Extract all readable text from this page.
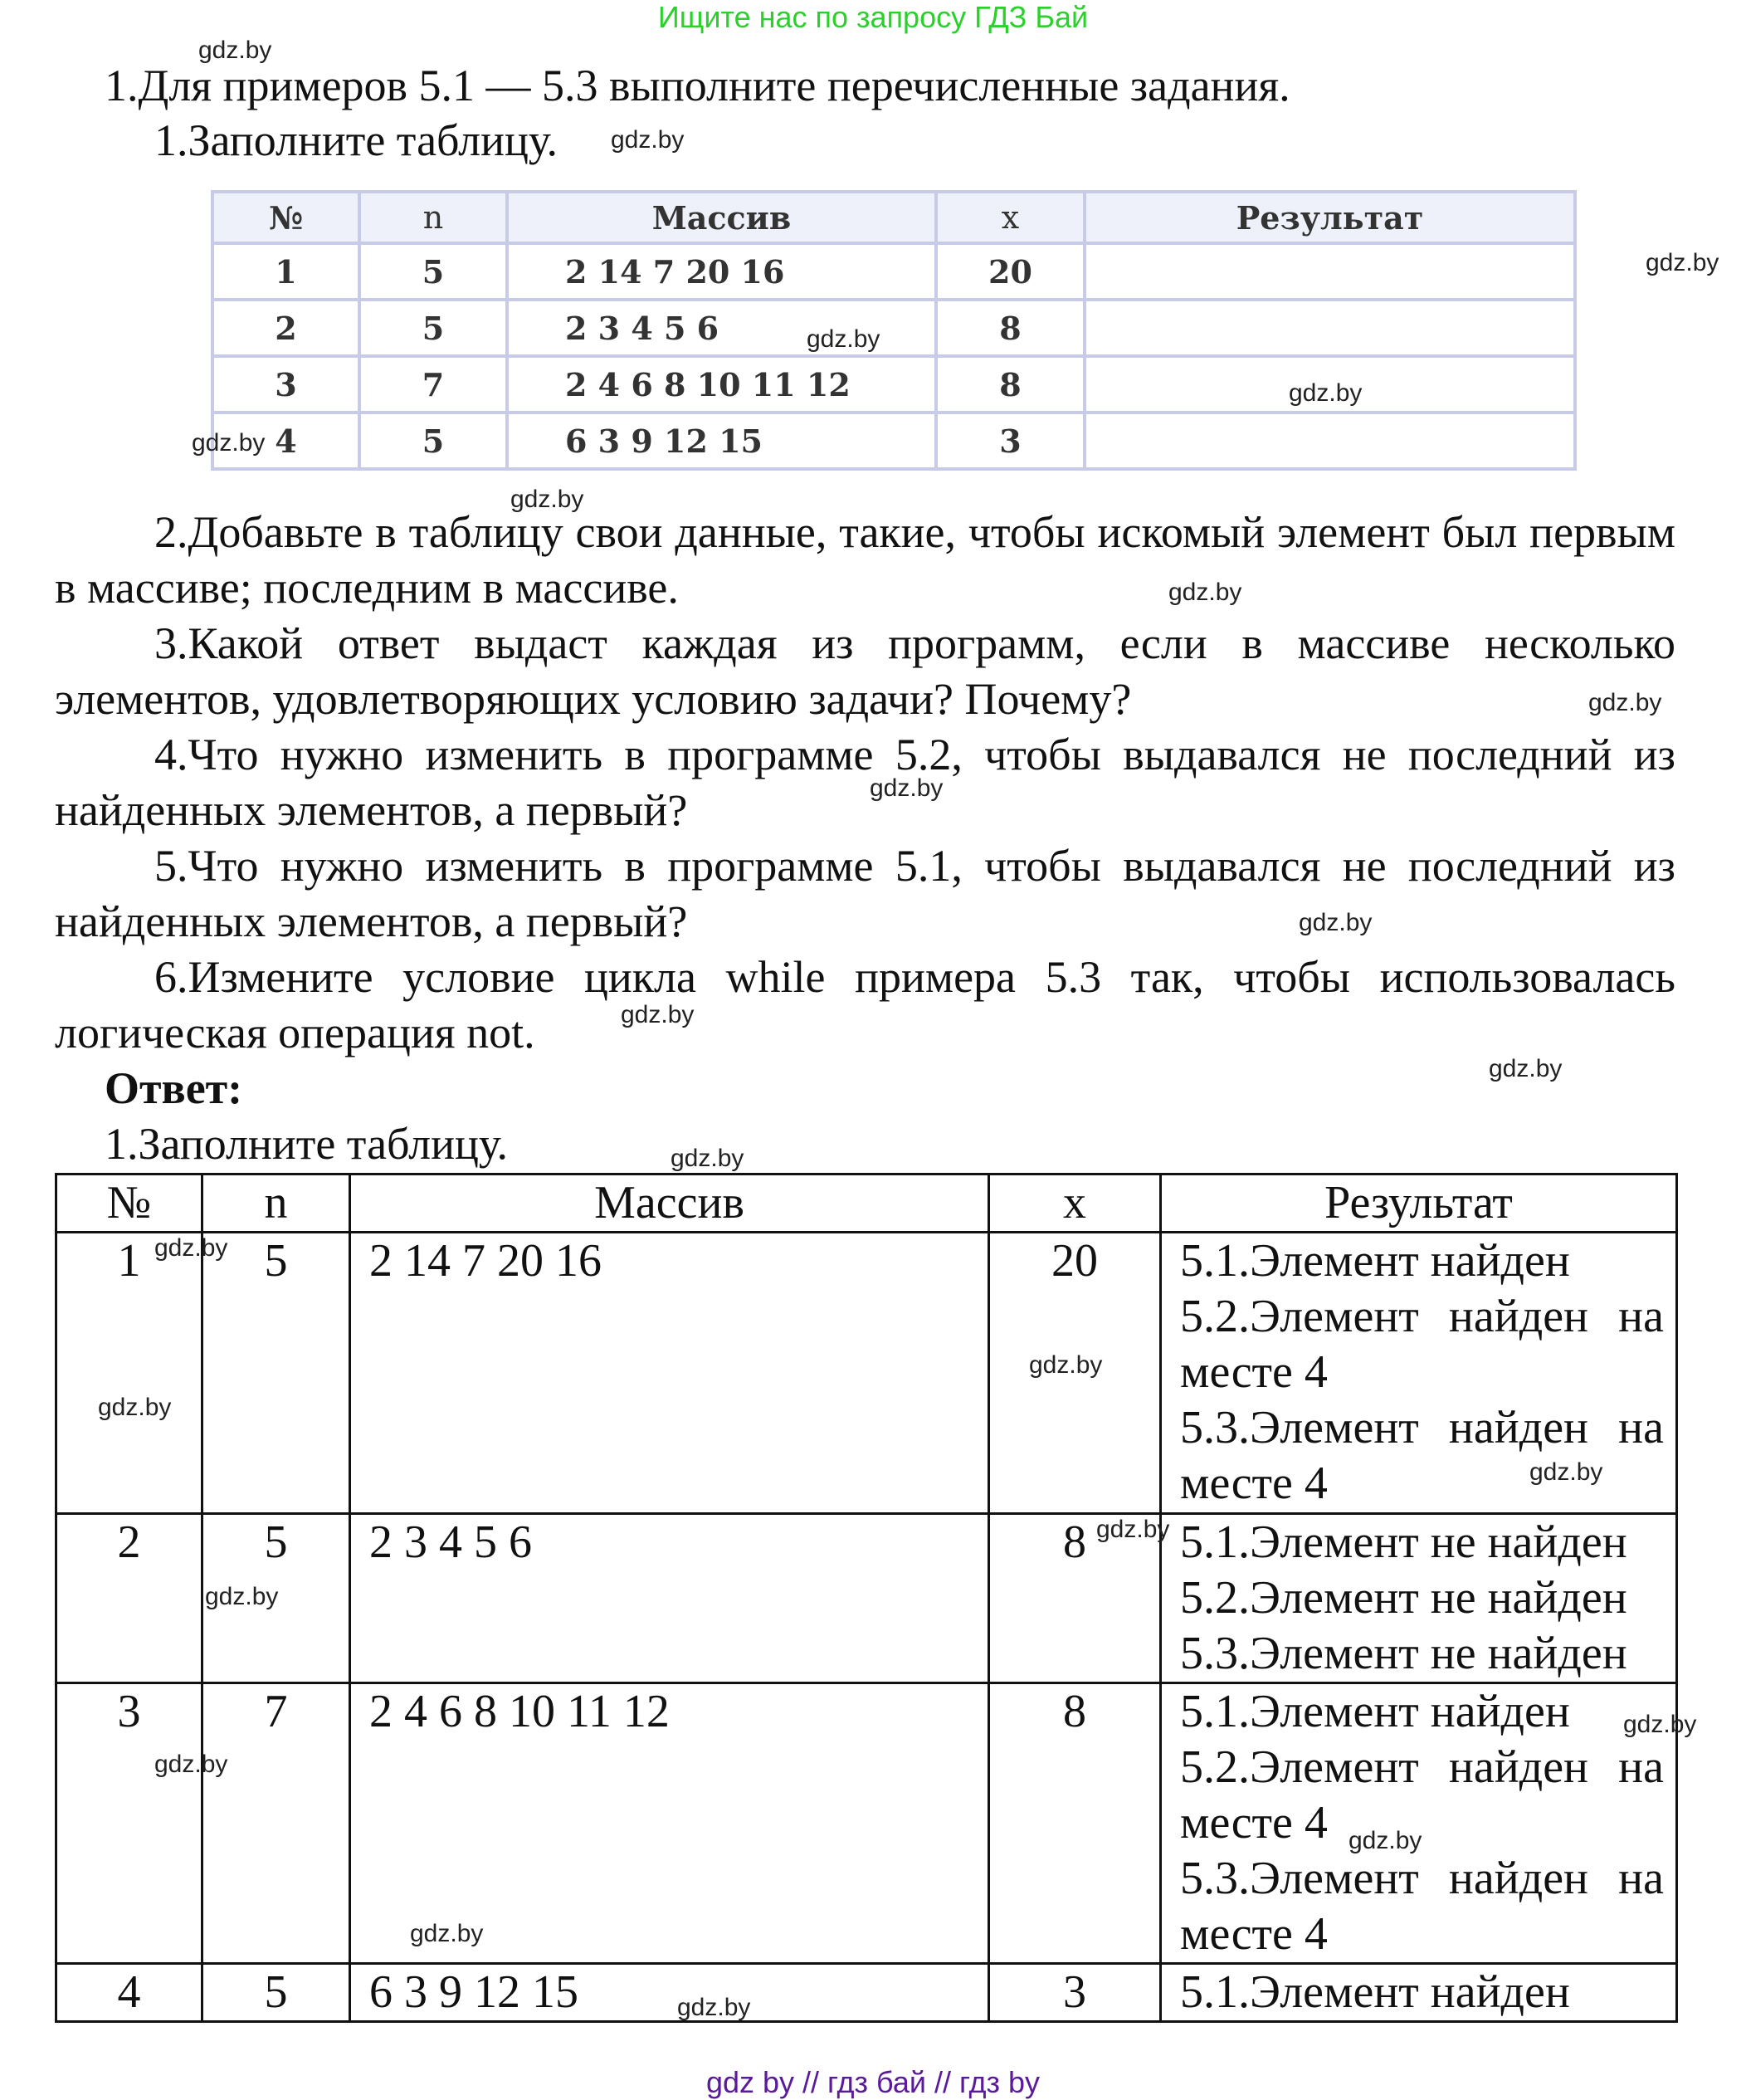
Ищите нас по запросу ГДЗ Бай
1.Для примеров 5.1 — 5.3 выполните перечисленные задания.
1.Заполните таблицу.
№	n	Массив	x	Результат
1	5	2 14 7 20 16	20	
2	5	2 3 4 5 6	8	
3	7	2 4 6 8 10 11 12	8	
4	5	6 3 9 12 15	3	
2.Добавьте в таблицу свои данные, такие, чтобы искомый элемент был первым в массиве; последним в массиве.
3.Какой ответ выдаст каждая из программ, если в массиве несколько элементов, удовлетворяющих условию задачи? Почему?
4.Что нужно изменить в программе 5.2, чтобы выдавался не последний из найденных элементов, а первый?
5.Что нужно изменить в программе 5.1, чтобы выдавался не последний из найденных элементов, а первый?
6.Измените условие цикла while примера 5.3 так, чтобы использовалась логическая операция not.
Ответ:
1.Заполните таблицу.
№	n	Массив	x	Результат
1	5	2 14 7 20 16	20	5.1.Элемент найден
5.2.Элемент найден на месте 4
5.3.Элемент найден на месте 4

2	5	2 3 4 5 6	8	5.1.Элемент не найден
5.2.Элемент не найден
5.3.Элемент не найден

3	7	2 4 6 8 10 11 12	8	5.1.Элемент найден
5.2.Элемент найден на месте 4
5.3.Элемент найден на месте 4

4	5	6 3 9 12 15	3	5.1.Элемент найден
gdz.by
gdz.by
gdz.by
gdz.by
gdz.by
gdz.by
gdz.by
gdz.by
gdz.by
gdz.by
gdz.by
gdz.by
gdz.by
gdz.by
gdz.by
gdz.by
gdz.by
gdz.by
gdz.by
gdz.by
gdz.by
gdz.by
gdz.by
gdz.by
gdz.by
gdz by // гдз бай // гдз by
